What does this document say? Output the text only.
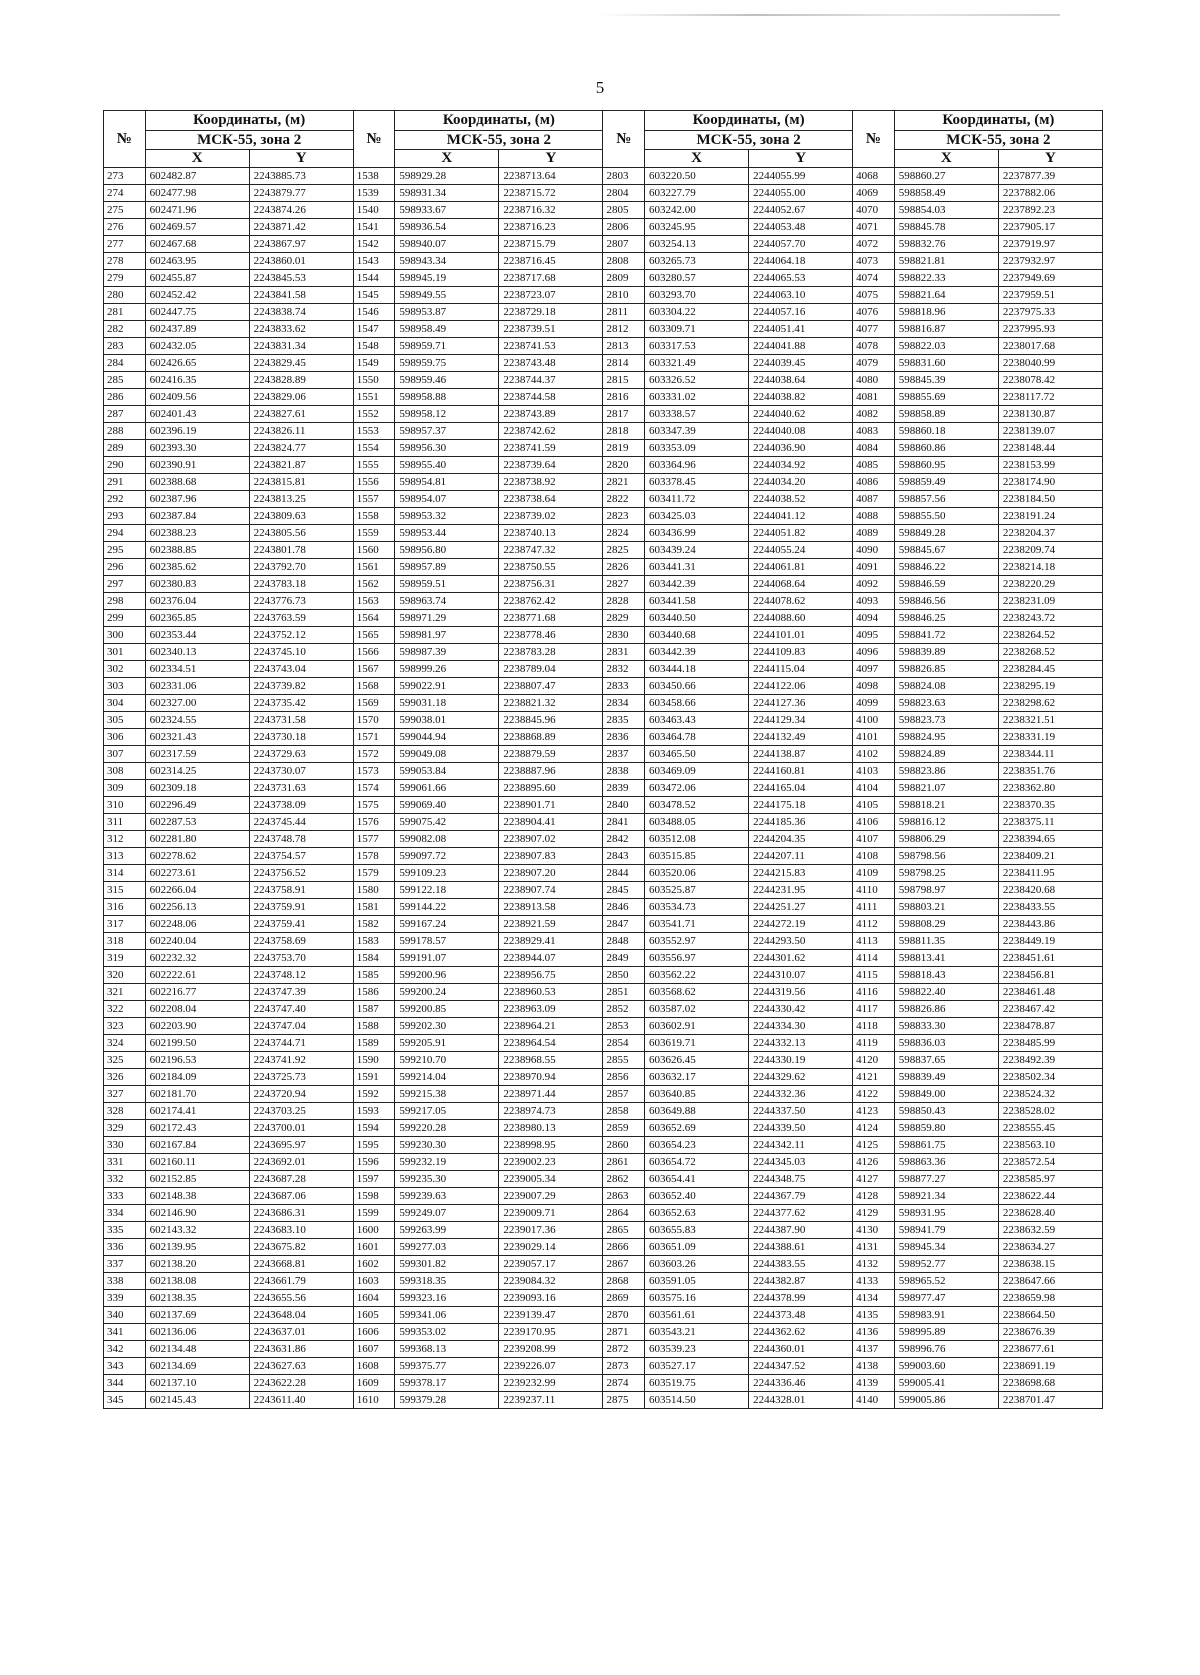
5
№	Координаты, (м)		№	Координаты, (м)		№	Координаты, (м)		№	Координаты, (м)	
	МСК-55, зона 2			МСК-55, зона 2			МСК-55, зона 2			МСК-55, зона 2	
	X	Y		X	Y		X	Y		X	Y
273	602482.87	2243885.73	1538	598929.28	2238713.64	2803	603220.50	2244055.99	4068	598860.27	2237877.39
274	602477.98	2243879.77	1539	598931.34	2238715.72	2804	603227.79	2244055.00	4069	598858.49	2237882.06
275	602471.96	2243874.26	1540	598933.67	2238716.32	2805	603242.00	2244052.67	4070	598854.03	2237892.23
276	602469.57	2243871.42	1541	598936.54	2238716.23	2806	603245.95	2244053.48	4071	598845.78	2237905.17
277	602467.68	2243867.97	1542	598940.07	2238715.79	2807	603254.13	2244057.70	4072	598832.76	2237919.97
278	602463.95	2243860.01	1543	598943.34	2238716.45	2808	603265.73	2244064.18	4073	598821.81	2237932.97
279	602455.87	2243845.53	1544	598945.19	2238717.68	2809	603280.57	2244065.53	4074	598822.33	2237949.69
280	602452.42	2243841.58	1545	598949.55	2238723.07	2810	603293.70	2244063.10	4075	598821.64	2237959.51
281	602447.75	2243838.74	1546	598953.87	2238729.18	2811	603304.22	2244057.16	4076	598818.96	2237975.33
282	602437.89	2243833.62	1547	598958.49	2238739.51	2812	603309.71	2244051.41	4077	598816.87	2237995.93
283	602432.05	2243831.34	1548	598959.71	2238741.53	2813	603317.53	2244041.88	4078	598822.03	2238017.68
284	602426.65	2243829.45	1549	598959.75	2238743.48	2814	603321.49	2244039.45	4079	598831.60	2238040.99
285	602416.35	2243828.89	1550	598959.46	2238744.37	2815	603326.52	2244038.64	4080	598845.39	2238078.42
286	602409.56	2243829.06	1551	598958.88	2238744.58	2816	603331.02	2244038.82	4081	598855.69	2238117.72
287	602401.43	2243827.61	1552	598958.12	2238743.89	2817	603338.57	2244040.62	4082	598858.89	2238130.87
288	602396.19	2243826.11	1553	598957.37	2238742.62	2818	603347.39	2244040.08	4083	598860.18	2238139.07
289	602393.30	2243824.77	1554	598956.30	2238741.59	2819	603353.09	2244036.90	4084	598860.86	2238148.44
290	602390.91	2243821.87	1555	598955.40	2238739.64	2820	603364.96	2244034.92	4085	598860.95	2238153.99
291	602388.68	2243815.81	1556	598954.81	2238738.92	2821	603378.45	2244034.20	4086	598859.49	2238174.90
292	602387.96	2243813.25	1557	598954.07	2238738.64	2822	603411.72	2244038.52	4087	598857.56	2238184.50
293	602387.84	2243809.63	1558	598953.32	2238739.02	2823	603425.03	2244041.12	4088	598855.50	2238191.24
294	602388.23	2243805.56	1559	598953.44	2238740.13	2824	603436.99	2244051.82	4089	598849.28	2238204.37
295	602388.85	2243801.78	1560	598956.80	2238747.32	2825	603439.24	2244055.24	4090	598845.67	2238209.74
296	602385.62	2243792.70	1561	598957.89	2238750.55	2826	603441.31	2244061.81	4091	598846.22	2238214.18
297	602380.83	2243783.18	1562	598959.51	2238756.31	2827	603442.39	2244068.64	4092	598846.59	2238220.29
298	602376.04	2243776.73	1563	598963.74	2238762.42	2828	603441.58	2244078.62	4093	598846.56	2238231.09
299	602365.85	2243763.59	1564	598971.29	2238771.68	2829	603440.50	2244088.60	4094	598846.25	2238243.72
300	602353.44	2243752.12	1565	598981.97	2238778.46	2830	603440.68	2244101.01	4095	598841.72	2238264.52
301	602340.13	2243745.10	1566	598987.39	2238783.28	2831	603442.39	2244109.83	4096	598839.89	2238268.52
302	602334.51	2243743.04	1567	598999.26	2238789.04	2832	603444.18	2244115.04	4097	598826.85	2238284.45
303	602331.06	2243739.82	1568	599022.91	2238807.47	2833	603450.66	2244122.06	4098	598824.08	2238295.19
304	602327.00	2243735.42	1569	599031.18	2238821.32	2834	603458.66	2244127.36	4099	598823.63	2238298.62
305	602324.55	2243731.58	1570	599038.01	2238845.96	2835	603463.43	2244129.34	4100	598823.73	2238321.51
306	602321.43	2243730.18	1571	599044.94	2238868.89	2836	603464.78	2244132.49	4101	598824.95	2238331.19
307	602317.59	2243729.63	1572	599049.08	2238879.59	2837	603465.50	2244138.87	4102	598824.89	2238344.11
308	602314.25	2243730.07	1573	599053.84	2238887.96	2838	603469.09	2244160.81	4103	598823.86	2238351.76
309	602309.18	2243731.63	1574	599061.66	2238895.60	2839	603472.06	2244165.04	4104	598821.07	2238362.80
310	602296.49	2243738.09	1575	599069.40	2238901.71	2840	603478.52	2244175.18	4105	598818.21	2238370.35
311	602287.53	2243745.44	1576	599075.42	2238904.41	2841	603488.05	2244185.36	4106	598816.12	2238375.11
312	602281.80	2243748.78	1577	599082.08	2238907.02	2842	603512.08	2244204.35	4107	598806.29	2238394.65
313	602278.62	2243754.57	1578	599097.72	2238907.83	2843	603515.85	2244207.11	4108	598798.56	2238409.21
314	602273.61	2243756.52	1579	599109.23	2238907.20	2844	603520.06	2244215.83	4109	598798.25	2238411.95
315	602266.04	2243758.91	1580	599122.18	2238907.74	2845	603525.87	2244231.95	4110	598798.97	2238420.68
316	602256.13	2243759.91	1581	599144.22	2238913.58	2846	603534.73	2244251.27	4111	598803.21	2238433.55
317	602248.06	2243759.41	1582	599167.24	2238921.59	2847	603541.71	2244272.19	4112	598808.29	2238443.86
318	602240.04	2243758.69	1583	599178.57	2238929.41	2848	603552.97	2244293.50	4113	598811.35	2238449.19
319	602232.32	2243753.70	1584	599191.07	2238944.07	2849	603556.97	2244301.62	4114	598813.41	2238451.61
320	602222.61	2243748.12	1585	599200.96	2238956.75	2850	603562.22	2244310.07	4115	598818.43	2238456.81
321	602216.77	2243747.39	1586	599200.24	2238960.53	2851	603568.62	2244319.56	4116	598822.40	2238461.48
322	602208.04	2243747.40	1587	599200.85	2238963.09	2852	603587.02	2244330.42	4117	598826.86	2238467.42
323	602203.90	2243747.04	1588	599202.30	2238964.21	2853	603602.91	2244334.30	4118	598833.30	2238478.87
324	602199.50	2243744.71	1589	599205.91	2238964.54	2854	603619.71	2244332.13	4119	598836.03	2238485.99
325	602196.53	2243741.92	1590	599210.70	2238968.55	2855	603626.45	2244330.19	4120	598837.65	2238492.39
326	602184.09	2243725.73	1591	599214.04	2238970.94	2856	603632.17	2244329.62	4121	598839.49	2238502.34
327	602181.70	2243720.94	1592	599215.38	2238971.44	2857	603640.85	2244332.36	4122	598849.00	2238524.32
328	602174.41	2243703.25	1593	599217.05	2238974.73	2858	603649.88	2244337.50	4123	598850.43	2238528.02
329	602172.43	2243700.01	1594	599220.28	2238980.13	2859	603652.69	2244339.50	4124	598859.80	2238555.45
330	602167.84	2243695.97	1595	599230.30	2238998.95	2860	603654.23	2244342.11	4125	598861.75	2238563.10
331	602160.11	2243692.01	1596	599232.19	2239002.23	2861	603654.72	2244345.03	4126	598863.36	2238572.54
332	602152.85	2243687.28	1597	599235.30	2239005.34	2862	603654.41	2244348.75	4127	598877.27	2238585.97
333	602148.38	2243687.06	1598	599239.63	2239007.29	2863	603652.40	2244367.79	4128	598921.34	2238622.44
334	602146.90	2243686.31	1599	599249.07	2239009.71	2864	603652.63	2244377.62	4129	598931.95	2238628.40
335	602143.32	2243683.10	1600	599263.99	2239017.36	2865	603655.83	2244387.90	4130	598941.79	2238632.59
336	602139.95	2243675.82	1601	599277.03	2239029.14	2866	603651.09	2244388.61	4131	598945.34	2238634.27
337	602138.20	2243668.81	1602	599301.82	2239057.17	2867	603603.26	2244383.55	4132	598952.77	2238638.15
338	602138.08	2243661.79	1603	599318.35	2239084.32	2868	603591.05	2244382.87	4133	598965.52	2238647.66
339	602138.35	2243655.56	1604	599323.16	2239093.16	2869	603575.16	2244378.99	4134	598977.47	2238659.98
340	602137.69	2243648.04	1605	599341.06	2239139.47	2870	603561.61	2244373.48	4135	598983.91	2238664.50
341	602136.06	2243637.01	1606	599353.02	2239170.95	2871	603543.21	2244362.62	4136	598995.89	2238676.39
342	602134.48	2243631.86	1607	599368.13	2239208.99	2872	603539.23	2244360.01	4137	598996.76	2238677.61
343	602134.69	2243627.63	1608	599375.77	2239226.07	2873	603527.17	2244347.52	4138	599003.60	2238691.19
344	602137.10	2243622.28	1609	599378.17	2239232.99	2874	603519.75	2244336.46	4139	599005.41	2238698.68
345	602145.43	2243611.40	1610	599379.28	2239237.11	2875	603514.50	2244328.01	4140	599005.86	2238701.47
